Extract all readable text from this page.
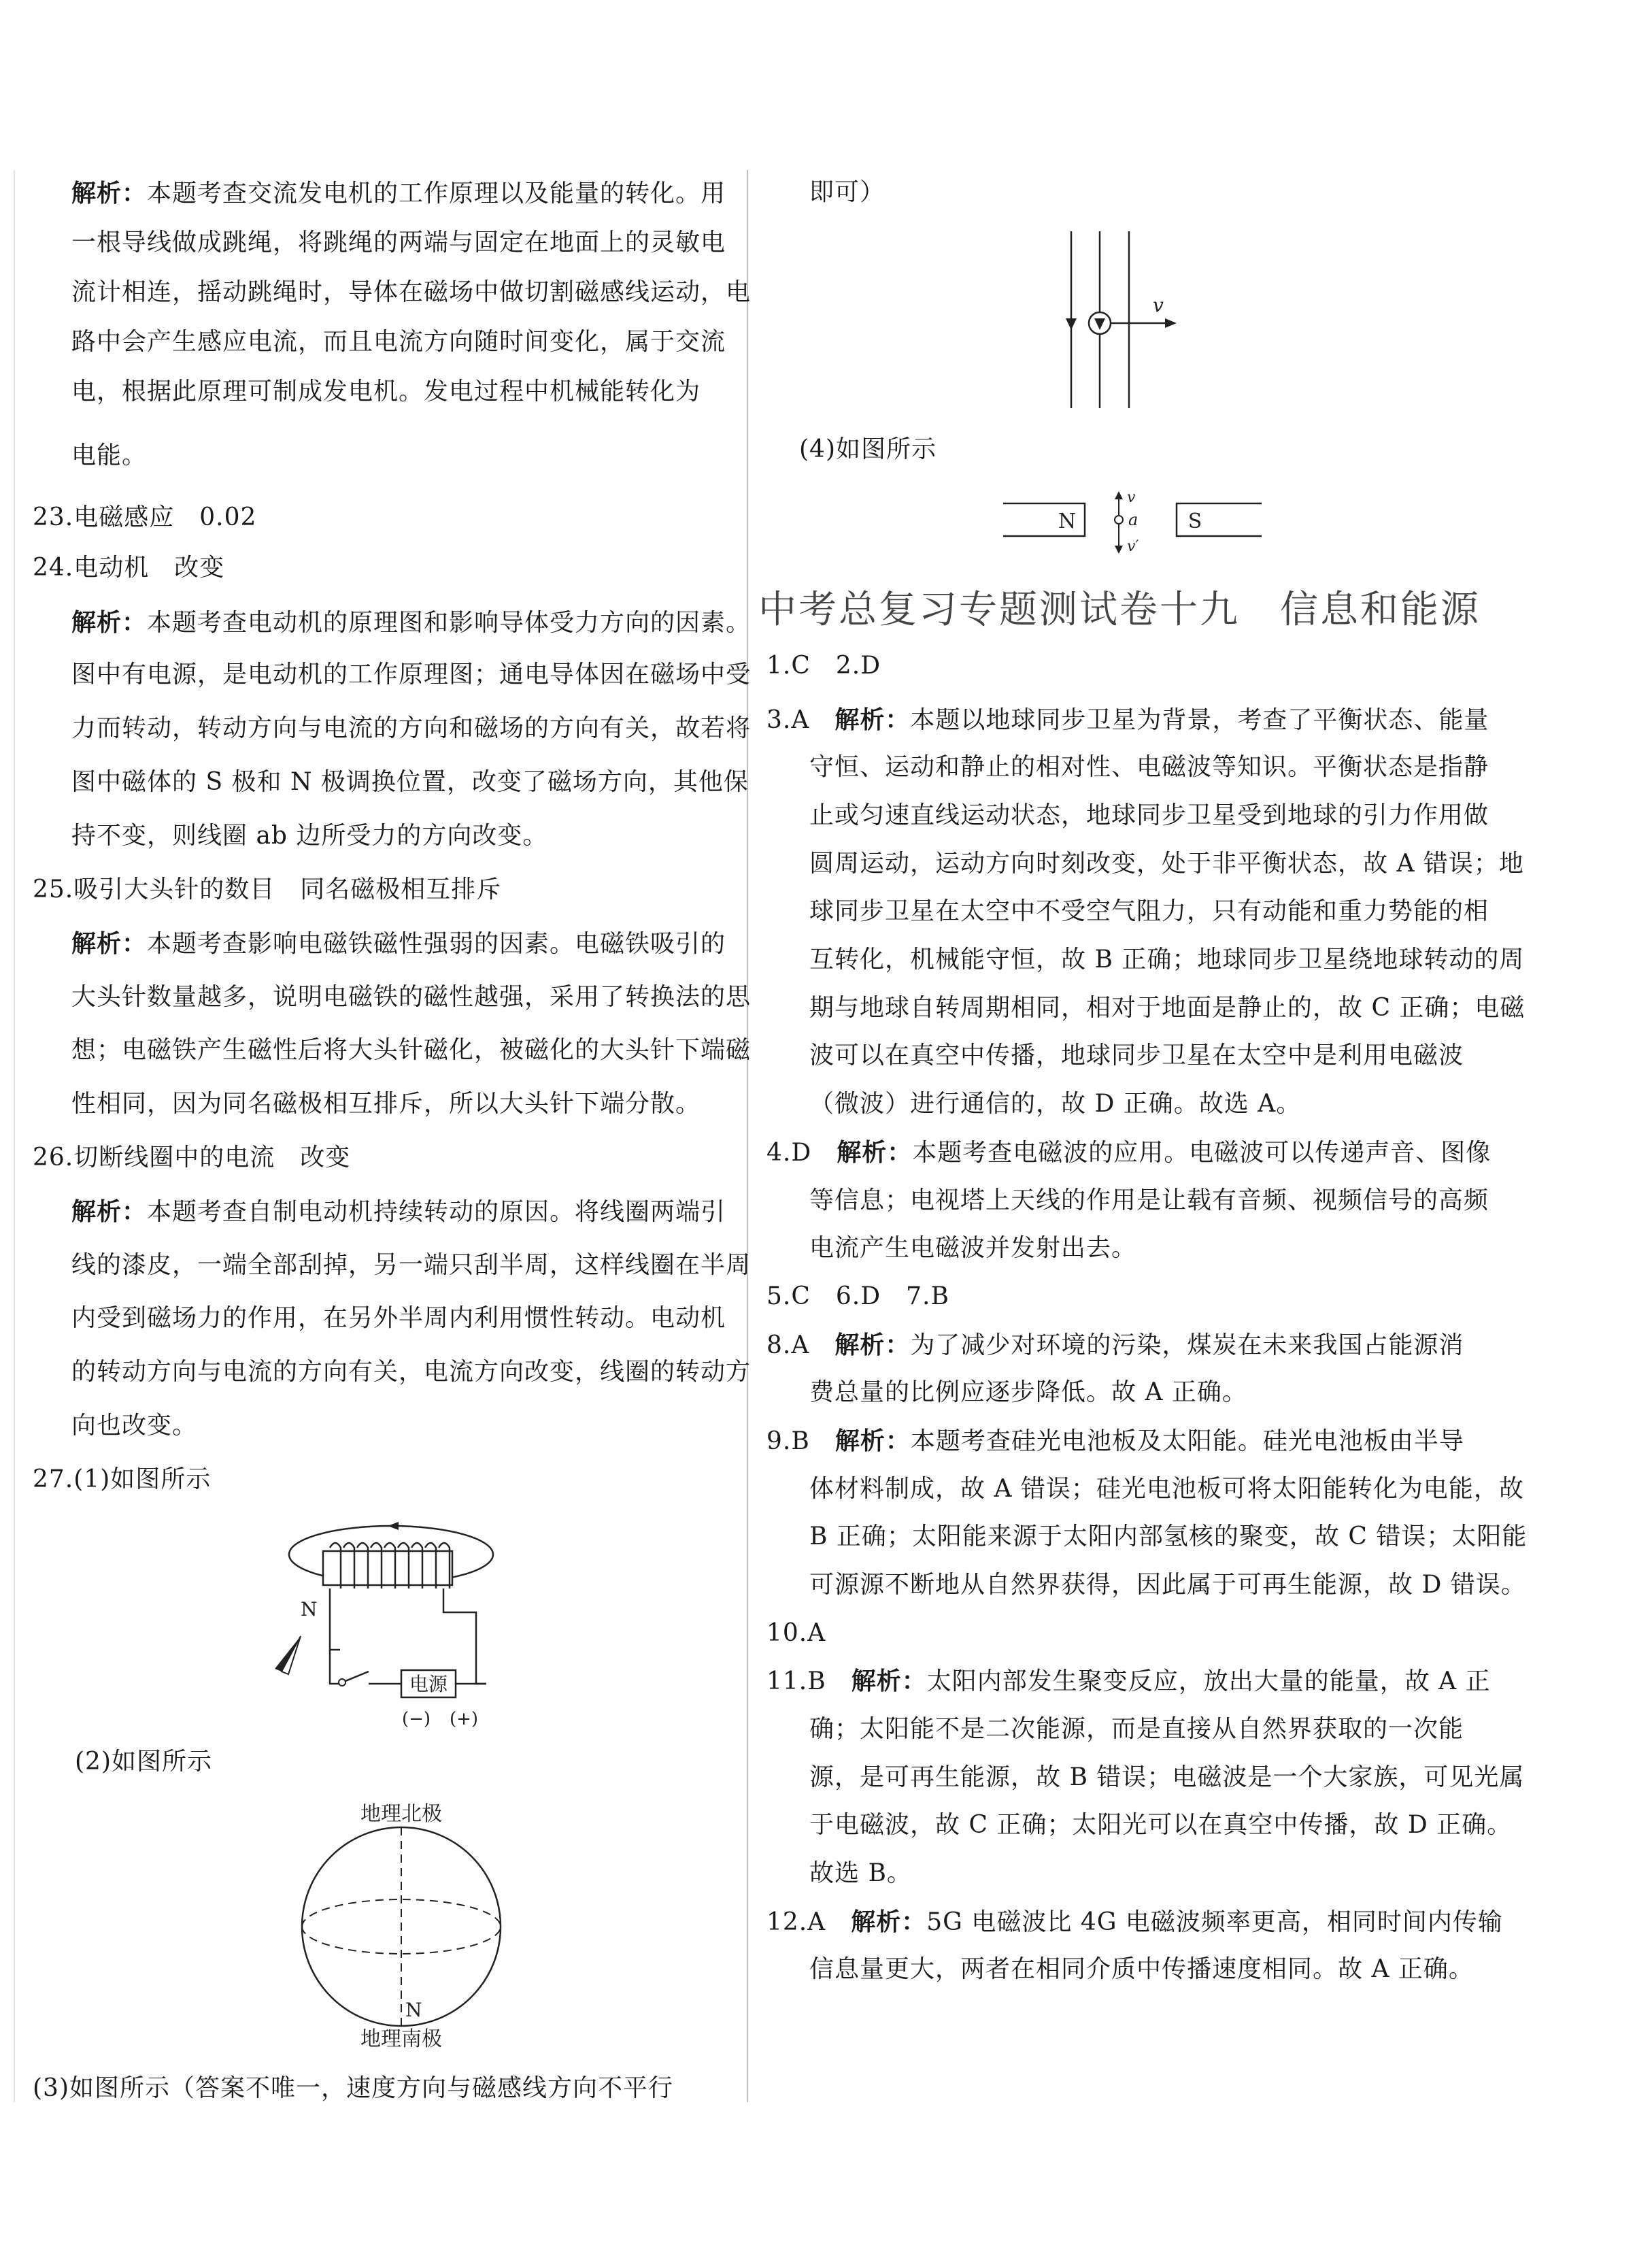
解析：本题考查交流发电机的工作原理以及能量的转化。用
一根导线做成跳绳，将跳绳的两端与固定在地面上的灵敏电
流计相连，摇动跳绳时，导体在磁场中做切割磁感线运动，电
路中会产生感应电流，而且电流方向随时间变化，属于交流
电，根据此原理可制成发电机。发电过程中机械能转化为
电能。
23.电磁感应　0.02
24.电动机　改变
解析：本题考查电动机的原理图和影响导体受力方向的因素。
图中有电源，是电动机的工作原理图；通电导体因在磁场中受
力而转动，转动方向与电流的方向和磁场的方向有关，故若将
图中磁体的 S 极和 N 极调换位置，改变了磁场方向，其他保
持不变，则线圈 ab 边所受力的方向改变。
25.吸引大头针的数目　同名磁极相互排斥
解析：本题考查影响电磁铁磁性强弱的因素。电磁铁吸引的
大头针数量越多，说明电磁铁的磁性越强，采用了转换法的思
想；电磁铁产生磁性后将大头针磁化，被磁化的大头针下端磁
性相同，因为同名磁极相互排斥，所以大头针下端分散。
26.切断线圈中的电流　改变
解析：本题考查自制电动机持续转动的原因。将线圈两端引
线的漆皮，一端全部刮掉，另一端只刮半周，这样线圈在半周
内受到磁场力的作用，在另外半周内利用惯性转动。电动机
的转动方向与电流的方向有关，电流方向改变，线圈的转动方
向也改变。
27.(1)如图所示
电源
(−) (+)
N
(2)如图所示
地理北极
N
地理南极
(3)如图所示（答案不唯一，速度方向与磁感线方向不平行
即可）
v
(4)如图所示
N	S
v
a
v′
中考总复习专题测试卷十九　信息和能源
1.C　2.D
3.A　解析：本题以地球同步卫星为背景，考查了平衡状态、能量
守恒、运动和静止的相对性、电磁波等知识。平衡状态是指静
止或匀速直线运动状态，地球同步卫星受到地球的引力作用做
圆周运动，运动方向时刻改变，处于非平衡状态，故 A 错误；地
球同步卫星在太空中不受空气阻力，只有动能和重力势能的相
互转化，机械能守恒，故 B 正确；地球同步卫星绕地球转动的周
期与地球自转周期相同，相对于地面是静止的，故 C 正确；电磁
波可以在真空中传播，地球同步卫星在太空中是利用电磁波
（微波）进行通信的，故 D 正确。故选 A。
4.D　解析：本题考查电磁波的应用。电磁波可以传递声音、图像
等信息；电视塔上天线的作用是让载有音频、视频信号的高频
电流产生电磁波并发射出去。
5.C　6.D　7.B
8.A　解析：为了减少对环境的污染，煤炭在未来我国占能源消
费总量的比例应逐步降低。故 A 正确。
9.B　解析：本题考查硅光电池板及太阳能。硅光电池板由半导
体材料制成，故 A 错误；硅光电池板可将太阳能转化为电能，故
B 正确；太阳能来源于太阳内部氢核的聚变，故 C 错误；太阳能
可源源不断地从自然界获得，因此属于可再生能源，故 D 错误。
10.A
11.B　解析：太阳内部发生聚变反应，放出大量的能量，故 A 正
确；太阳能不是二次能源，而是直接从自然界获取的一次能
源，是可再生能源，故 B 错误；电磁波是一个大家族，可见光属
于电磁波，故 C 正确；太阳光可以在真空中传播，故 D 正确。
故选 B。
12.A　解析：5G 电磁波比 4G 电磁波频率更高，相同时间内传输
信息量更大，两者在相同介质中传播速度相同。故 A 正确。
